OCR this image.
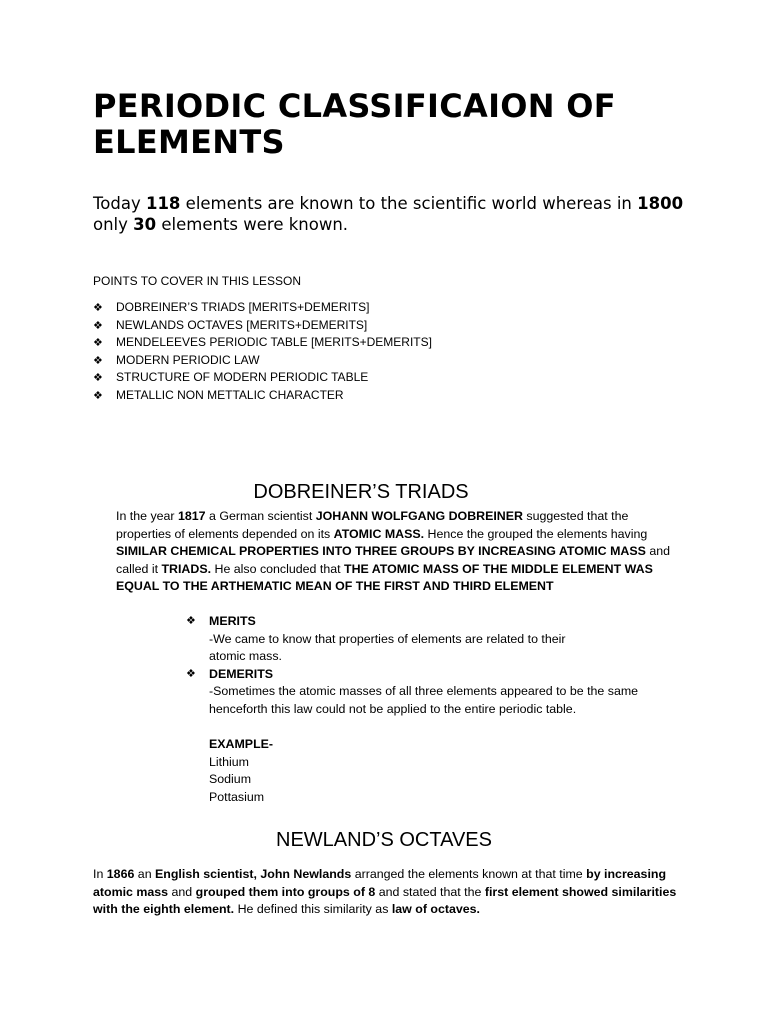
PERIODIC CLASSIFICAION OF ELEMENTS
Today 118 elements are known to the scientific world whereas in 1800 only 30 elements were known.
POINTS TO COVER IN THIS LESSON
❖ DOBREINER’S TRIADS [MERITS+DEMERITS]
❖ NEWLANDS OCTAVES [MERITS+DEMERITS]
❖ MENDELEEVES PERIODIC TABLE [MERITS+DEMERITS]
❖ MODERN PERIODIC LAW
❖ STRUCTURE OF MODERN PERIODIC TABLE
❖ METALLIC NON METTALIC CHARACTER
DOBREINER’S TRIADS
In the year 1817 a German scientist JOHANN WOLFGANG DOBREINER suggested that the properties of elements depended on its ATOMIC MASS. Hence the grouped the elements having SIMILAR CHEMICAL PROPERTIES INTO THREE GROUPS BY INCREASING ATOMIC MASS and called it TRIADS. He also concluded that THE ATOMIC MASS OF THE MIDDLE ELEMENT WAS EQUAL TO THE ARTHEMATIC MEAN OF THE FIRST AND THIRD ELEMENT
❖	MERITS
-We came to know that properties of elements are related to their
atomic mass.
❖	DEMERITS
-Sometimes the atomic masses of all three elements appeared to be the same
henceforth this law could not be applied to the entire periodic table.
EXAMPLE-
Lithium
Sodium
Pottasium
NEWLAND’S OCTAVES
In 1866 an English scientist, John Newlands arranged the elements known at that time by increasing atomic mass and grouped them into groups of 8 and stated that the first element showed similarities with the eighth element. He defined this similarity as law of octaves.
